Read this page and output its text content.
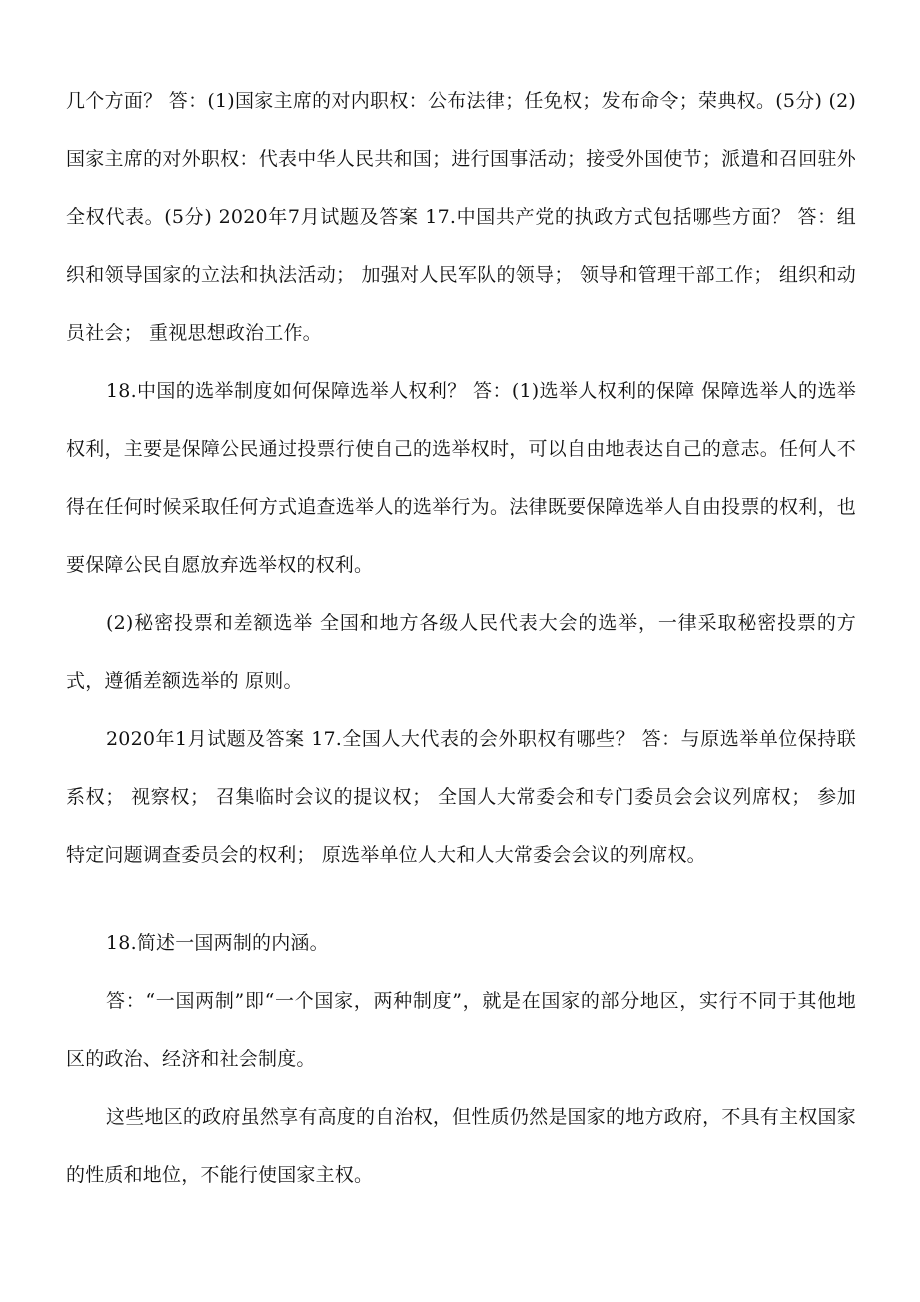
几个方面？ 答：(1)国家主席的对内职权：公布法律；任免权；发布命令；荣典权。(5分) (2)国家主席的对外职权：代表中华人民共和国；进行国事活动；接受外国使节；派遣和召回驻外全权代表。(5分) 2020年7月试题及答案 17.中国共产党的执政方式包括哪些方面？ 答：组织和领导国家的立法和执法活动； 加强对人民军队的领导； 领导和管理干部工作； 组织和动员社会； 重视思想政治工作。

18.中国的选举制度如何保障选举人权利？ 答：(1)选举人权利的保障 保障选举人的选举权利，主要是保障公民通过投票行使自己的选举权时，可以自由地表达自己的意志。任何人不得在任何时候采取任何方式追查选举人的选举行为。法律既要保障选举人自由投票的权利，也要保障公民自愿放弃选举权的权利。

(2)秘密投票和差额选举 全国和地方各级人民代表大会的选举，一律采取秘密投票的方式，遵循差额选举的 原则。

2020年1月试题及答案 17.全国人大代表的会外职权有哪些？ 答：与原选举单位保持联系权； 视察权； 召集临时会议的提议权； 全国人大常委会和专门委员会会议列席权； 参加特定问题调查委员会的权利； 原选举单位人大和人大常委会会议的列席权。

18.简述一国两制的内涵。

答：“一国两制”即“一个国家，两种制度”，就是在国家的部分地区，实行不同于其他地区的政治、经济和社会制度。

这些地区的政府虽然享有高度的自治权，但性质仍然是国家的地方政府，不具有主权国家的性质和地位，不能行使国家主权。
